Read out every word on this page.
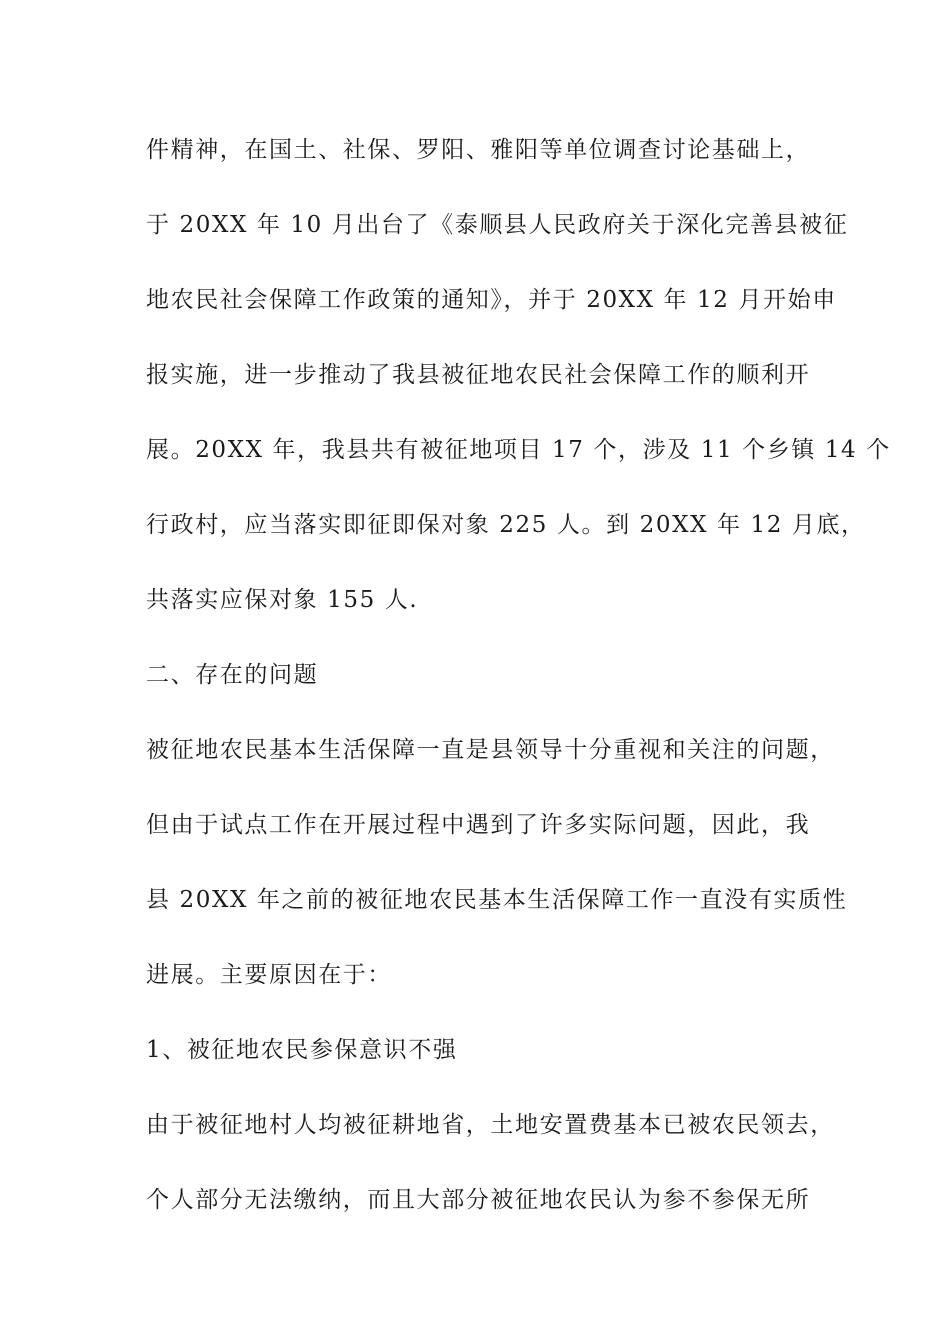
件精神，在国土、社保、罗阳、雅阳等单位调查讨论基础上，
于 20XX 年 10 月出台了《泰顺县人民政府关于深化完善县被征
地农民社会保障工作政策的通知》，并于 20XX 年 12 月开始申
报实施，进一步推动了我县被征地农民社会保障工作的顺利开
展。20XX 年，我县共有被征地项目 17 个，涉及 11 个乡镇 14 个
行政村，应当落实即征即保对象 225 人。到 20XX 年 12 月底，
共落实应保对象 155 人.
二、存在的问题
被征地农民基本生活保障一直是县领导十分重视和关注的问题，
但由于试点工作在开展过程中遇到了许多实际问题，因此，我
县 20XX 年之前的被征地农民基本生活保障工作一直没有实质性
进展。主要原因在于：
1、被征地农民参保意识不强
由于被征地村人均被征耕地省，土地安置费基本已被农民领去，
个人部分无法缴纳，而且大部分被征地农民认为参不参保无所
